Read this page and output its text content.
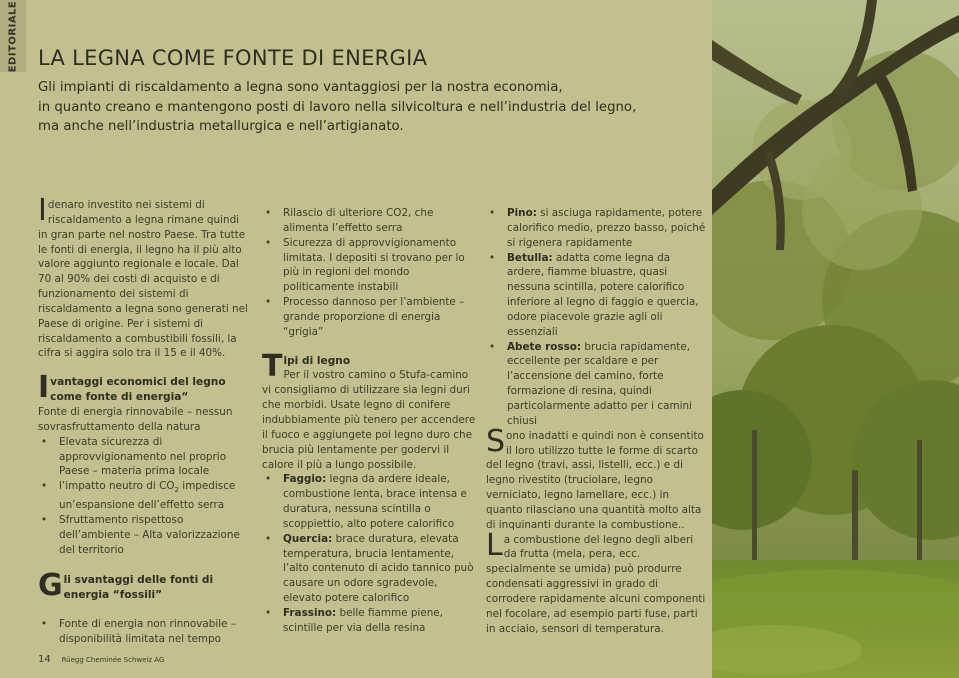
EDITORIALE LA LEGNA COME FONTE DI ENERGIA

Gli impianti di riscaldamento a legna sono vantaggiosi per la nostra economia,
in quanto creano e mantengono posti di lavoro nella silvicoltura e nell’industria del legno,
ma anche nell’industria metallurgica e nell’artigianato.

I denaro investito nei sistemi di riscaldamento a legna rimane quindi in gran parte nel nostro Paese. Tra tutte le fonti di energia, il legno ha il più alto valore aggiunto regionale e locale. Dal 70 al 90% dei costi di acquisto e di funzionamento dei sistemi di riscaldamento a legna sono generati nel Paese di origine. Per i sistemi di riscaldamento a combustibili fossili, la cifra si aggira solo tra il 15 e il 40%.

I vantaggi economici del legno come fonte di energia“

Fonte di energia rinnovabile – nessun sovrasfruttamento della natura

• Elevata sicurezza di approvvigionamento nel proprio Paese – materia prima locale
• l’impatto neutro di $CO_2$ impedisce un’espansione dell’effetto serra
• Sfruttamento rispettoso dell’ambiente – Alta valorizzazione del territorio
Gli svantaggi delle fonti di energia “fossili”
• Fonte di energia non rinnovabile – disponibilità limitata nel tempo
• Rilascio di ulteriore CO2, che alimenta l’effetto serra
• Sicurezza di approvvigionamento limitata. I depositi si trovano per lo più in regioni del mondo politicamente instabili
• Processo dannoso per l’ambiente – grande proporzione di energia “grigia”
Tipi di legno

Per il vostro camino o Stufa-camino vi consigliamo di utilizzare sia legni duri che morbidi. Usate legno di conifere indubbiamente più tenero per accendere il fuoco e aggiungete poi legno duro che brucia più lentamente per godervi il calore il più a lungo possibile.

• Faggio: legna da ardere ideale, combustione lenta, brace intensa e duratura, nessuna scintilla o scoppiettio, alto potere calorifico
• Quercia: brace duratura, elevata temperatura, brucia lentamente, l’alto contenuto di acido tannico può causare un odore sgradevole, elevato potere calorifico
• Frassino: belle fiamme piene, scintille per via della resina
• Pino: si asciuga rapidamente, potere calorifico medio, prezzo basso, poiché si rigenera rapidamente
• Betulla: adatta come legna da ardere, fiamme bluastre, quasi nessuna scintilla, potere calorifico inferiore al legno di faggio e quercia, odore piacevole grazie agli oli essenziali
• Abete rosso: brucia rapidamente, eccellente per scaldare e per l’accensione del camino, forte formazione di resina, quindi particolarmente adatto per i camini chiusi

Sono inadatti e quindi non è consentito il loro utilizzo tutte le forme di scarto del legno (travi, assi, listelli, ecc.) e di legno rivestito (truciolare, legno verniciato, legno lamellare, ecc.) in quanto rilasciano una quantità molto alta di inquinanti durante la combustione..

La combustione del legno degli alberi da frutta (mela, pera, ecc. specialmente se umida) può produrre condensati aggressivi in grado di corrodere rapidamente alcuni componenti nel focolare, ad esempio parti fuse, parti in acciaio, sensori di temperatura.

14 Rüegg Cheminée Schweiz AG
